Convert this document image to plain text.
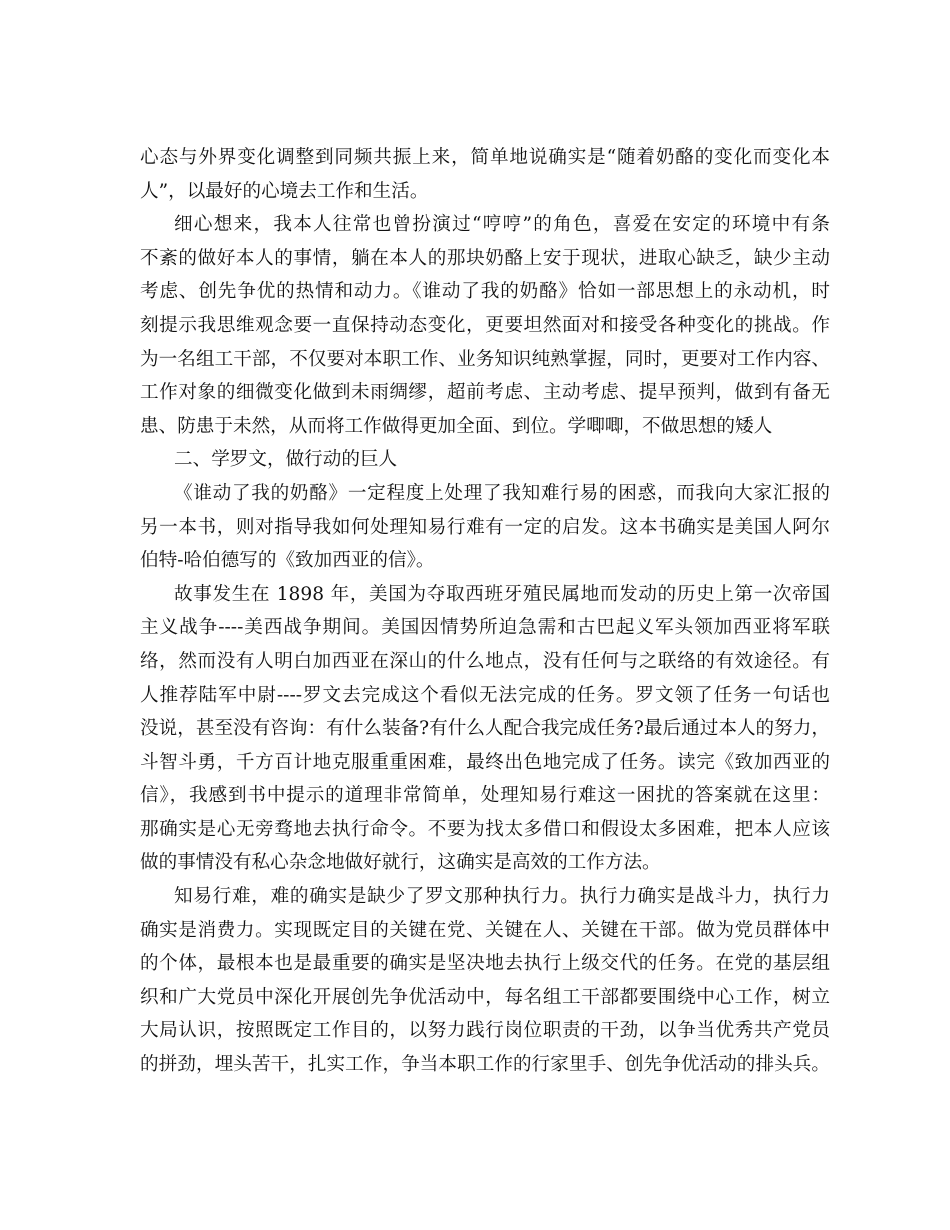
心态与外界变化调整到同频共振上来，简单地说确实是“随着奶酪的变化而变化本
人”，以最好的心境去工作和生活。
细心想来，我本人往常也曾扮演过“哼哼”的角色，喜爱在安定的环境中有条
不紊的做好本人的事情，躺在本人的那块奶酪上安于现状，进取心缺乏，缺少主动
考虑、创先争优的热情和动力。《谁动了我的奶酪》恰如一部思想上的永动机，时
刻提示我思维观念要一直保持动态变化，更要坦然面对和接受各种变化的挑战。作
为一名组工干部，不仅要对本职工作、业务知识纯熟掌握，同时，更要对工作内容、
工作对象的细微变化做到未雨绸缪，超前考虑、主动考虑、提早预判，做到有备无
患、防患于未然，从而将工作做得更加全面、到位。学唧唧，不做思想的矮人
二、学罗文，做行动的巨人
《谁动了我的奶酪》一定程度上处理了我知难行易的困惑，而我向大家汇报的
另一本书，则对指导我如何处理知易行难有一定的启发。这本书确实是美国人阿尔
伯特-哈伯德写的《致加西亚的信》。
故事发生在 1898 年，美国为夺取西班牙殖民属地而发动的历史上第一次帝国
主义战争----美西战争期间。美国因情势所迫急需和古巴起义军头领加西亚将军联
络，然而没有人明白加西亚在深山的什么地点，没有任何与之联络的有效途径。有
人推荐陆军中尉----罗文去完成这个看似无法完成的任务。罗文领了任务一句话也
没说，甚至没有咨询：有什么装备?有什么人配合我完成任务?最后通过本人的努力，
斗智斗勇，千方百计地克服重重困难，最终出色地完成了任务。读完《致加西亚的
信》，我感到书中提示的道理非常简单，处理知易行难这一困扰的答案就在这里：
那确实是心无旁骛地去执行命令。不要为找太多借口和假设太多困难，把本人应该
做的事情没有私心杂念地做好就行，这确实是高效的工作方法。
知易行难，难的确实是缺少了罗文那种执行力。执行力确实是战斗力，执行力
确实是消费力。实现既定目的关键在党、关键在人、关键在干部。做为党员群体中
的个体，最根本也是最重要的确实是坚决地去执行上级交代的任务。在党的基层组
织和广大党员中深化开展创先争优活动中，每名组工干部都要围绕中心工作，树立
大局认识，按照既定工作目的，以努力践行岗位职责的干劲，以争当优秀共产党员
的拼劲，埋头苦干，扎实工作，争当本职工作的行家里手、创先争优活动的排头兵。
